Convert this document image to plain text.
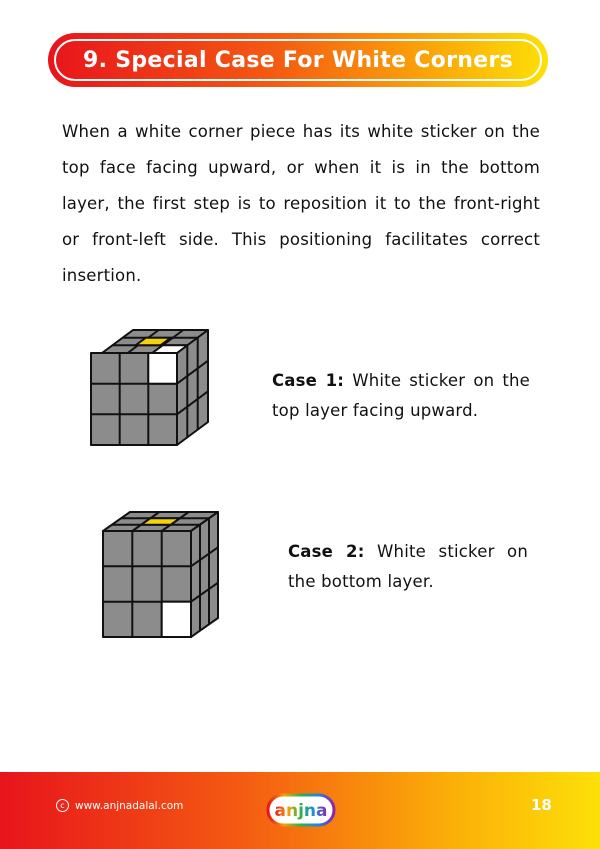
9. Special Case For White Corners

When a white corner piece has its white sticker on the top face facing upward, or when it is in the bottom layer, the first step is to reposition it to the front-right or front-left side. This positioning facilitates correct insertion.

Case 1: White sticker on the top layer facing upward.

Case 2: White sticker on the bottom layer.

c www.anjnadalal.com	anjna	18
